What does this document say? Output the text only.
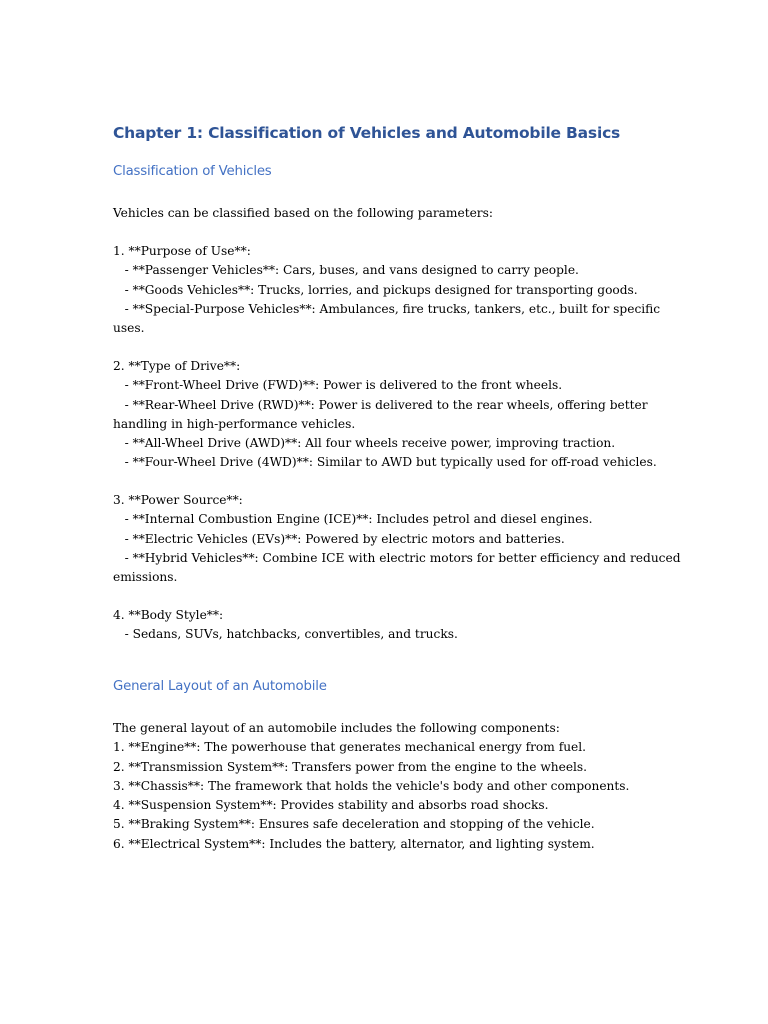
Chapter 1: Classification of Vehicles and Automobile Basics
Classification of Vehicles

Vehicles can be classified based on the following parameters:

1. **Purpose of Use**:
- **Passenger Vehicles**: Cars, buses, and vans designed to carry people.
- **Goods Vehicles**: Trucks, lorries, and pickups designed for transporting goods.
- **Special-Purpose Vehicles**: Ambulances, fire trucks, tankers, etc., built for specific
uses.

2. **Type of Drive**:
- **Front-Wheel Drive (FWD)**: Power is delivered to the front wheels.
- **Rear-Wheel Drive (RWD)**: Power is delivered to the rear wheels, offering better
handling in high-performance vehicles.
- **All-Wheel Drive (AWD)**: All four wheels receive power, improving traction.
- **Four-Wheel Drive (4WD)**: Similar to AWD but typically used for off-road vehicles.

3. **Power Source**:
- **Internal Combustion Engine (ICE)**: Includes petrol and diesel engines.
- **Electric Vehicles (EVs)**: Powered by electric motors and batteries.
- **Hybrid Vehicles**: Combine ICE with electric motors for better efficiency and reduced
emissions.

4. **Body Style**:
- Sedans, SUVs, hatchbacks, convertibles, and trucks.

General Layout of an Automobile

The general layout of an automobile includes the following components:
1. **Engine**: The powerhouse that generates mechanical energy from fuel.
2. **Transmission System**: Transfers power from the engine to the wheels.
3. **Chassis**: The framework that holds the vehicle's body and other components.
4. **Suspension System**: Provides stability and absorbs road shocks.
5. **Braking System**: Ensures safe deceleration and stopping of the vehicle.
6. **Electrical System**: Includes the battery, alternator, and lighting system.
